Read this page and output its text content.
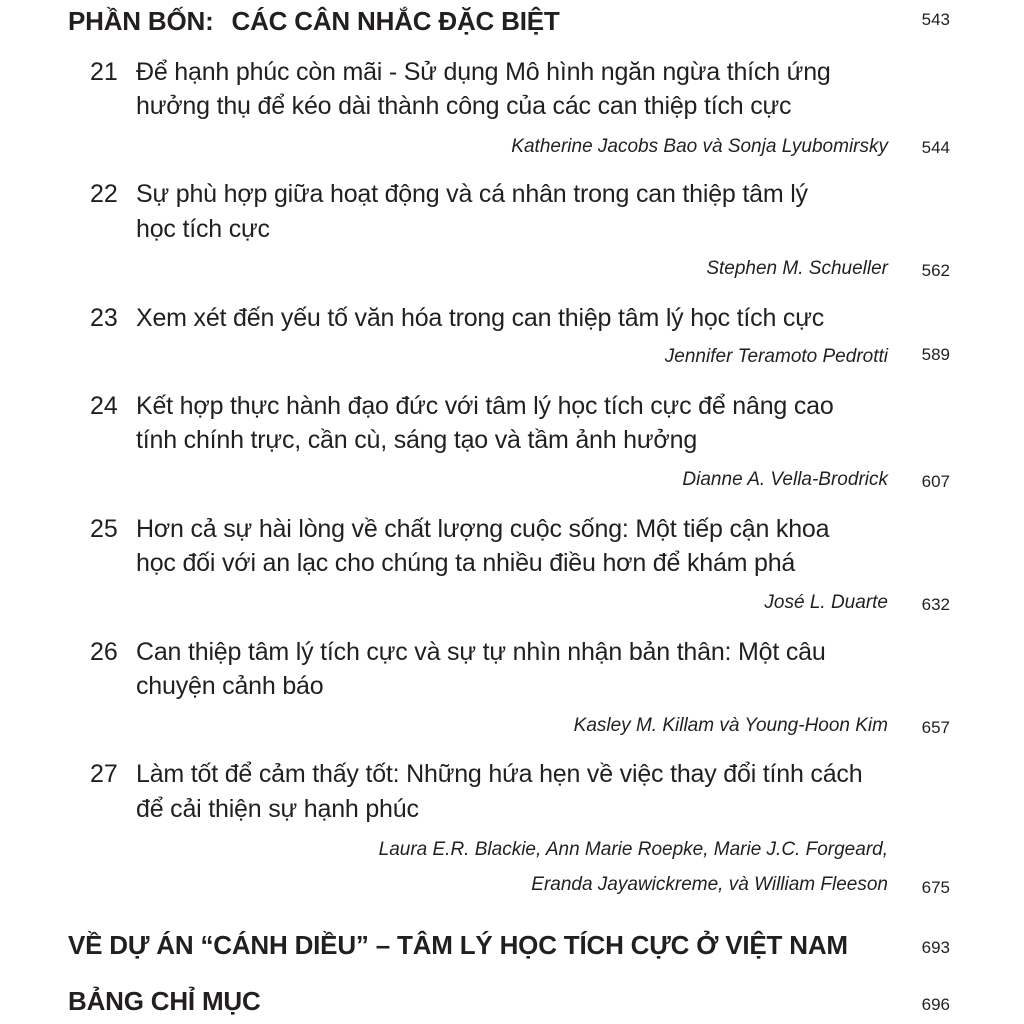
PHẦN BỐN: CÁC CÂN NHẮC ĐẶC BIỆT	543
21 Để hạnh phúc còn mãi - Sử dụng Mô hình ngăn ngừa thích ứng
hưởng thụ để kéo dài thành công của các can thiệp tích cực
Katherine Jacobs Bao và Sonja Lyubomirsky 544
22 Sự phù hợp giữa hoạt động và cá nhân trong can thiệp tâm lý
học tích cực
Stephen M. Schueller 562
23 Xem xét đến yếu tố văn hóa trong can thiệp tâm lý học tích cực
Jennifer Teramoto Pedrotti 589
24 Kết hợp thực hành đạo đức với tâm lý học tích cực để nâng cao
tính chính trực, cần cù, sáng tạo và tầm ảnh hưởng
Dianne A. Vella-Brodrick 607
25 Hơn cả sự hài lòng về chất lượng cuộc sống: Một tiếp cận khoa
học đối với an lạc cho chúng ta nhiều điều hơn để khám phá
José L. Duarte 632
26 Can thiệp tâm lý tích cực và sự tự nhìn nhận bản thân: Một câu
chuyện cảnh báo
Kasley M. Killam và Young-Hoon Kim 657
27 Làm tốt để cảm thấy tốt: Những hứa hẹn về việc thay đổi tính cách
để cải thiện sự hạnh phúc
Laura E.R. Blackie, Ann Marie Roepke, Marie J.C. Forgeard,
Eranda Jayawickreme, và William Fleeson 675
VỀ DỰ ÁN “CÁNH DIỀU” – TÂM LÝ HỌC TÍCH CỰC Ở VIỆT NAM	693
BẢNG CHỈ MỤC	696
